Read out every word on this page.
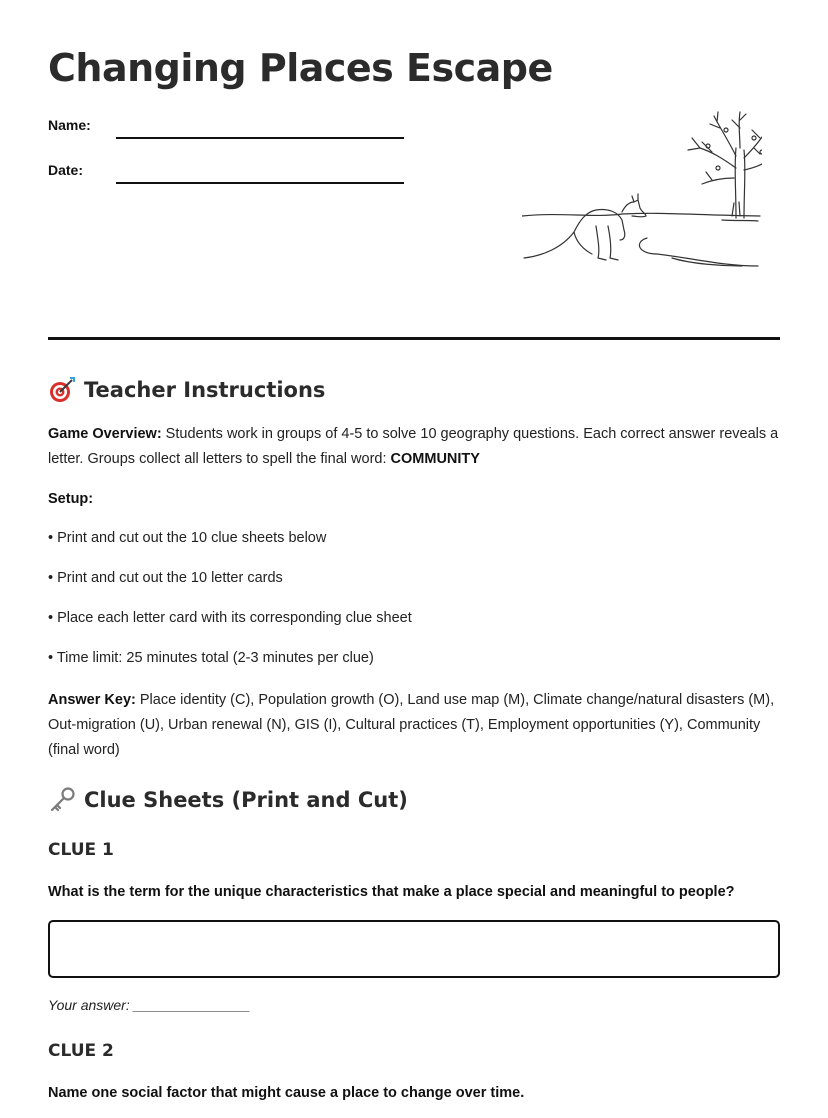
Changing Places Escape
Name:
Date:
Teacher Instructions
Game Overview: Students work in groups of 4-5 to solve 10 geography questions. Each correct answer reveals a letter. Groups collect all letters to spell the final word: COMMUNITY
Setup:
• Print and cut out the 10 clue sheets below
• Print and cut out the 10 letter cards
• Place each letter card with its corresponding clue sheet
• Time limit: 25 minutes total (2-3 minutes per clue)
Answer Key: Place identity (C), Population growth (O), Land use map (M), Climate change/natural disasters (M), Out-migration (U), Urban renewal (N), GIS (I), Cultural practices (T), Employment opportunities (Y), Community (final word)
Clue Sheets (Print and Cut)
CLUE 1
What is the term for the unique characteristics that make a place special and meaningful to people?
Your answer: _______________
CLUE 2
Name one social factor that might cause a place to change over time.
